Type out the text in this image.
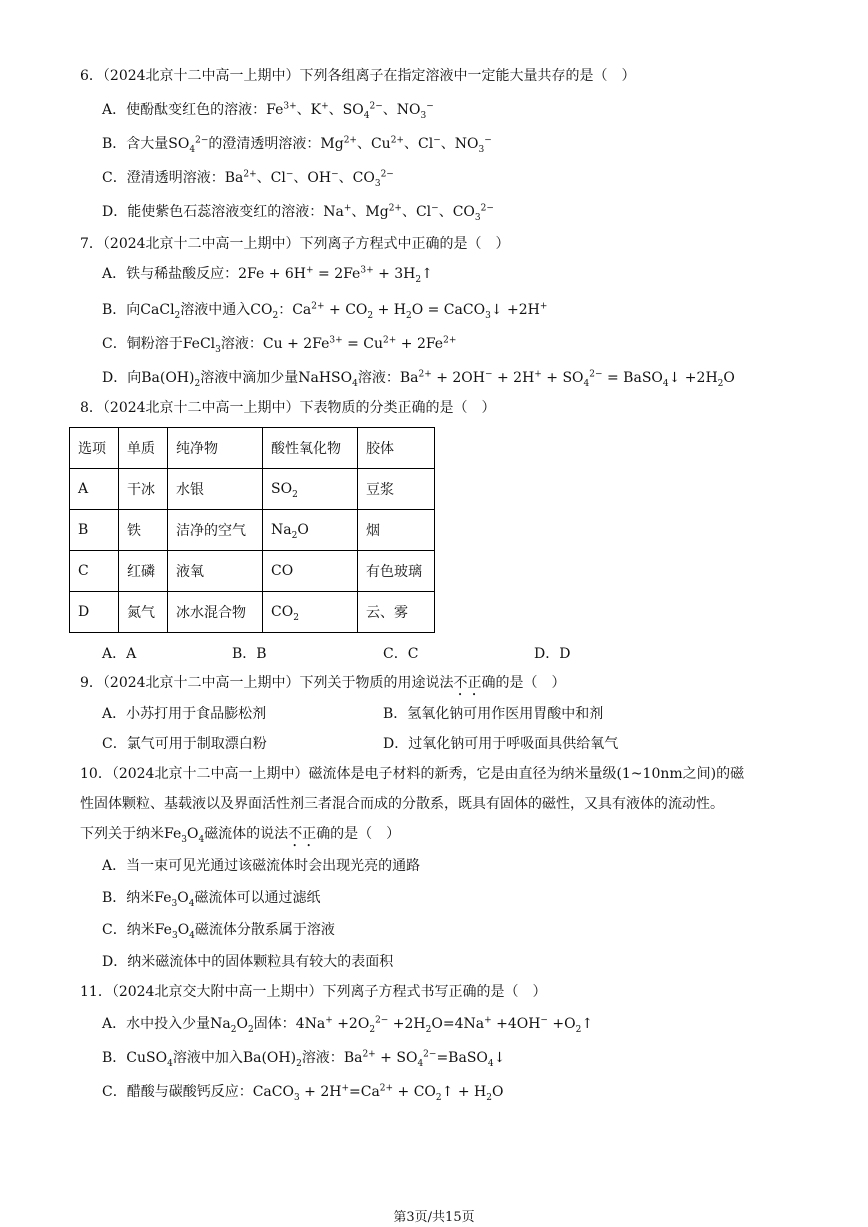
6．（2024北京十二中高一上期中）下列各组离子在指定溶液中一定能大量共存的是（　）
A．使酚酞变红色的溶液：$Fe^{3+}$、K+、$SO_4^{2-}$、$NO_3^-$
B．含大量$SO_4^{2-}$的澄清透明溶液：$Mg^{2+}$、$Cu^{2+}$、Cl−、$NO_3^-$
C．澄清透明溶液：$Ba^{2+}$、Cl−、OH−、$CO_3^{2-}$
D．能使紫色石蕊溶液变红的溶液：Na+、$Mg^{2+}$、Cl−、$CO_3^{2-}$
7．（2024北京十二中高一上期中）下列离子方程式中正确的是（　）
A．铁与稀盐酸反应：$2Fe + 6H^+ = 2Fe^{3+}$ + $3H_2↑$
B．向CaCl$_2$溶液中通入$CO_2$：$Ca^{2+} + CO_2 + H_2O$ = CaCO$_3$↓ +2H+
C．铜粉溶于FeCl$_3$溶液：$Cu + 2Fe^{3+} = Cu^{2+} + 2Fe^{2+}$
D．向$Ba(OH)_2$溶液中滴加少量NaHSO$_4$溶液：$Ba^{2+} + 2OH^- + 2H^+ + SO_4^{2-}$ = BaSO$_4$↓ $+2H_2O$
8．（2024北京十二中高一上期中）下表物质的分类正确的是（　）
选项	单质	纯净物	酸性氧化物	胶体
A	干冰	水银	$SO_2$	豆浆
B	铁	洁净的空气	$Na_2O$	烟
C	红磷	液氧	CO	有色玻璃
D	氮气	冰水混合物	$CO_2$	云、雾
A．A	B．B	C．C	D．D
9．（2024北京十二中高一上期中）下列关于物质的用途说法不正确的是（　）
A．小苏打用于食品膨松剂	B．氢氧化钠可用作医用胃酸中和剂
C．氯气可用于制取漂白粉	D．过氧化钠可用于呼吸面具供给氧气
10．（2024北京十二中高一上期中）磁流体是电子材料的新秀，它是由直径为纳米量级(1~10nm之间)的磁
性固体颗粒、基载液以及界面活性剂三者混合而成的分散系，既具有固体的磁性，又具有液体的流动性。
下列关于纳米$Fe_3O_4$磁流体的说法不正确的是（　）
A．当一束可见光通过该磁流体时会出现光亮的通路
B．纳米$Fe_3O_4$磁流体可以通过滤纸
C．纳米$Fe_3O_4$磁流体分散系属于溶液
D．纳米磁流体中的固体颗粒具有较大的表面积
11．（2024北京交大附中高一上期中）下列离子方程式书写正确的是（　）
A．水中投入少量$Na_2O_2$固体：$4Na^+ +2O_2^{2-} +2H_2O=4Na^+ +4OH^-$ $+O_2↑$
B．CuSO$_4$溶液中加入$Ba(OH)_2$溶液：$Ba^{2+}$ + $SO_4^{2-}=BaSO_4↓$
C．醋酸与碳酸钙反应：CaCO$_3$ + $2H^+=Ca^{2+}$ + $CO_2↑ + H_2O$
第3页/共15页
